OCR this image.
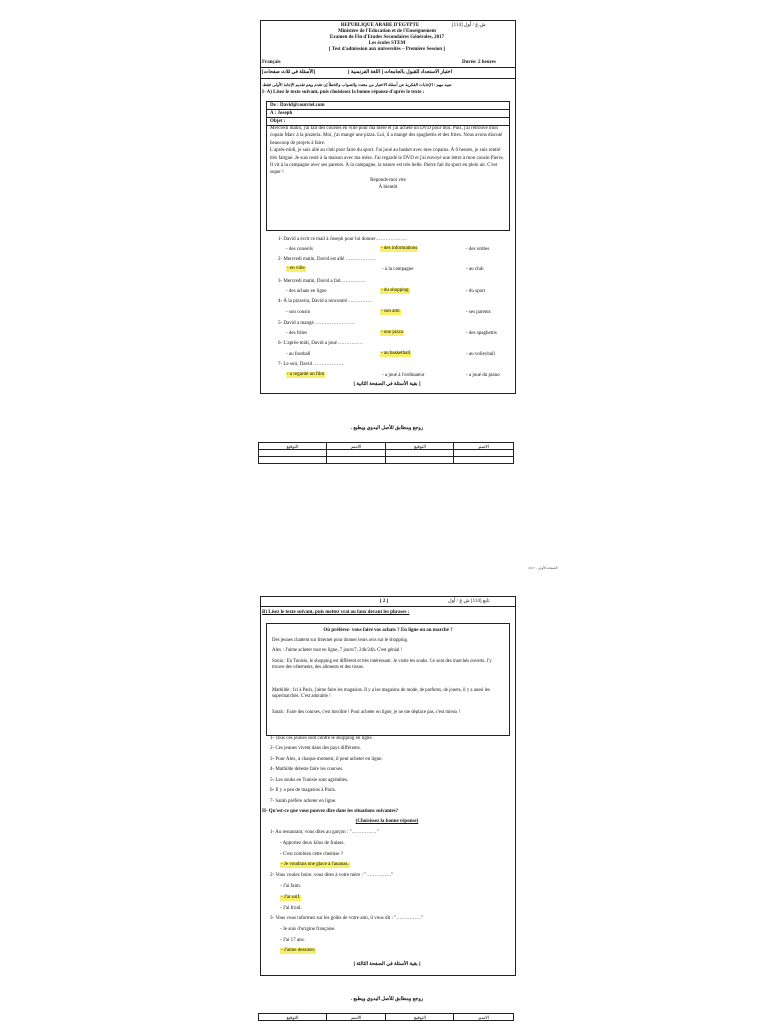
[114] ش.ع / أول
REPUBLIQUE ARABE D'EGYPTE
Ministère de l'Education et de l'Enseignement
Examen de Fin d'Etudes Secondaires Générales, 2017
Les écoles STEM
[ Test d'admission aux universités – Première Session ]
Français	Durée: 2 heures
[الأسئلة في ثلاث صفحات]	اختبار الاستعداد للقبول بالجامعات [ اللغة الفرنسية ]
تنبيه مهم : الإجابات الفكرية عن أسئلة الاختيار من متعدد والصواب والخطأ إن تقدم ويتم تقديم الإجابة الأولى فقط.
I- A) Lisez le texte suivant, puis choisissez la bonne réponse d'après le texte :
De : David@courriel.com
A : Joseph
Objet :
Mercredi matin, j'ai fait des courses en ville pour ma mère et j'ai acheté un DVD pour moi. Puis, j'ai retrouvé mon copain Marc à la pizzeria. Moi, j'ai mangé une pizza. Lui, il a mangé des spaghettis et des frites. Nous avons discuté beaucoup de projets à faire.
L'après-midi, je suis allé au club pour faire du sport. J'ai joué au basket avec mes copains. À 6 heures, je suis rentré très fatigué. Je suis resté à la maison avec ma mère. J'ai regardé le DVD et j'ai envoyé une lettre à mon cousin Pierre. Il vit à la campagne avec ses parents. À la campagne, la nature est très belle. Pierre fait du sport en plein air. C'est super !
Réponds-moi vite
À bientôt
1- David a écrit ce mail à Joseph pour lui donner……………….
- des conseils	- des informations	- des ordres
2- Mercredi matin, David est allé ………………
- en ville	- à la campagne	- au club
3- Mercredi matin, David a fait……………
- des achats en ligne	- du shopping	- du sport
4- À la pizzeria, David a rencontré……………
- son cousin	- son ami	- ses parents
5- David a mangé ……………………
- des frites	- une pizza	- des spaghettis
6- L'après-midi, David a joué ……………
- au football	- au basketball	- au volleyball
7- Le soir, David ……………….
- a regardé un film	- a joué à l'ordinateur	- a joué du piano
[ بقية الأسئلة في الصفحة الثانية ]
روجع ومطابق للأصل اليدوي ويطبع .
التوقيع	الاسم	التوقيع	الاسم

الصفحة الأولى - 2017
[ 2 ]	تابع [114] ش.ع / أول
B) Lisez le texte suivant, puis mettez vrai ou faux devant les phrases :
Où préférez- vous faire vos achats ? En ligne ou au marché ?
Des jeunes chattent sur Internet pour donner leurs avis sur le shopping.
Alex : J'aime acheter tout en ligne, 7 jours/7, 24h/24h. C'est génial !
Sonia : En Tunisie, le shopping est différent et très intéressant. Je visite les souks. Ce sont des marchés ouverts. J'y trouve des vêtements, des aliments et des tissus.
Mathilde : Ici à Paris, j'aime faire les magasins. Il y a les magasins de mode, de parfums, de jouets, il y a aussi les supermarchés. C'est adorable !
Sarah : Faire des courses, c'est horrible ! Pour acheter en ligne, je ne me déplace pas, c'est mieux !
1- Tous ces jeunes sont contre le shopping en ligne.
2- Ces jeunes vivent dans des pays différents.
3- Pour Alex, à chaque moment, il peut acheter en ligne.
4- Mathilde déteste faire les courses.
5- Les souks en Tunisie sont agréables.
6- Il y a peu de magasins à Paris.
7- Sarah préfère acheter en ligne.
II- Qu'est-ce que vous pouvez dire dans les situations suivantes?
(Choisissez la bonne réponse)
1- Au restaurant, vous dites au garçon : "……………"
- Apportez deux kilos de fraises.
- C'est combien cette chemise ?
- Je voudrais une glace à l'ananas.
2- Vous voulez boire, vous dites à votre mère : "……………"
- J'ai faim.
- J'ai soif.
- J'ai froid.
3- Vous vous informez sur les goûts de votre ami, il vous dit : "……………"
- Je suis d'origine française.
- J'ai 17 ans.
- J'aime dessiner.
[ بقية الأسئلة في الصفحة الثالثة ]
روجع ومطابق للأصل اليدوي ويطبع .
التوقيع	الاسم	التوقيع	الاسم
